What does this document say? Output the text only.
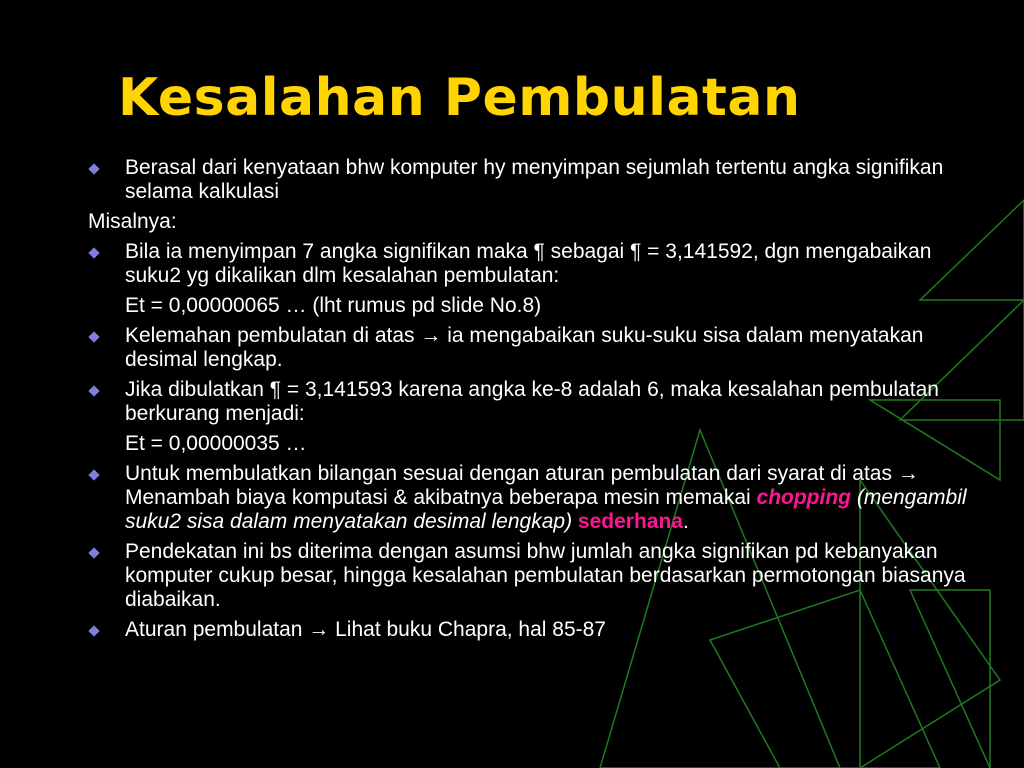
Kesalahan Pembulatan
Berasal dari kenyataan bhw komputer hy menyimpan sejumlah tertentu angka signifikan selama kalkulasi
Misalnya:
Bila ia menyimpan 7 angka signifikan maka ¶ sebagai ¶ = 3,141592, dgn mengabaikan suku2 yg dikalikan dlm kesalahan pembulatan:
Et = 0,00000065 … (lht rumus pd slide No.8)
Kelemahan pembulatan di atas → ia mengabaikan suku-suku sisa dalam menyatakan desimal lengkap.
Jika dibulatkan ¶ = 3,141593 karena angka ke-8 adalah 6, maka kesalahan pembulatan berkurang menjadi:
Et = 0,00000035 …
Untuk membulatkan bilangan sesuai dengan aturan pembulatan dari syarat di atas → Menambah biaya komputasi & akibatnya beberapa mesin memakai chopping (mengambil suku2 sisa dalam menyatakan desimal lengkap) sederhana.
Pendekatan ini bs diterima dengan asumsi bhw jumlah angka signifikan pd kebanyakan komputer cukup besar, hingga kesalahan pembulatan berdasarkan permotongan biasanya diabaikan.
Aturan pembulatan → Lihat buku Chapra, hal 85-87
